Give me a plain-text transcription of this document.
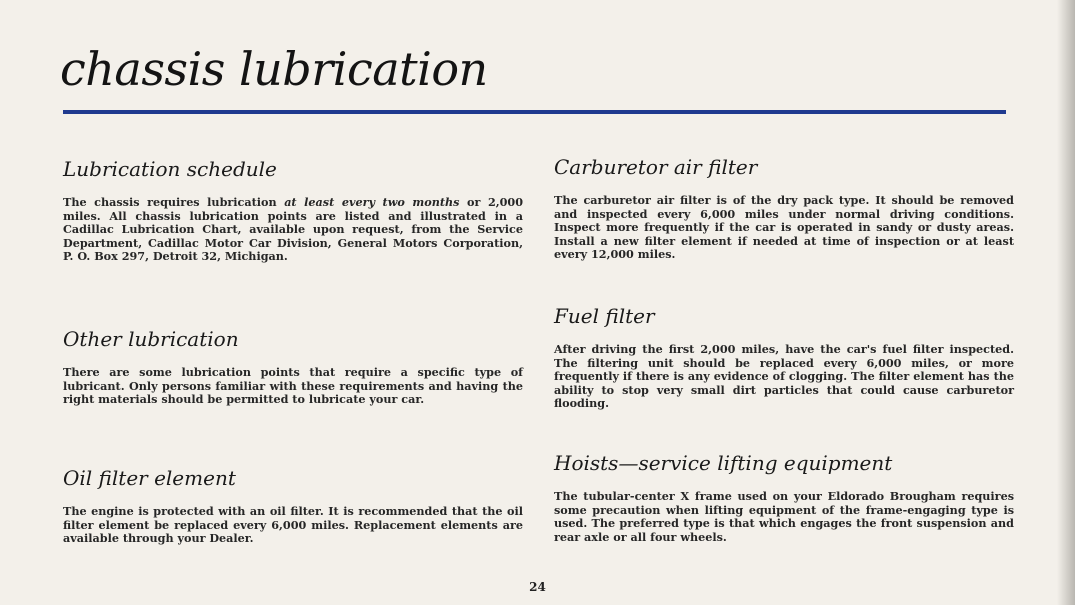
chassis lubrication
Lubrication schedule

The chassis requires lubrication at least every two months or 2,000 miles. All chassis lubrication points are listed and illustrated in a Cadillac Lubrication Chart, available upon request, from the Service Department, Cadillac Motor Car Division, General Motors Corporation, P. O. Box 297, Detroit 32, Michigan.

Other lubrication

There are some lubrication points that require a specific type of lubricant. Only persons familiar with these requirements and having the right materials should be permitted to lubricate your car.

Oil filter element

The engine is protected with an oil filter. It is recommended that the oil filter element be replaced every 6,000 miles. Replacement elements are available through your Dealer.

Carburetor air filter

The carburetor air filter is of the dry pack type. It should be removed and inspected every 6,000 miles under normal driving conditions. Inspect more frequently if the car is operated in sandy or dusty areas. Install a new filter element if needed at time of inspection or at least every 12,000 miles.

Fuel filter

After driving the first 2,000 miles, have the car's fuel filter inspected. The filtering unit should be replaced every 6,000 miles, or more frequently if there is any evidence of clogging. The filter element has the ability to stop very small dirt particles that could cause carburetor flooding.

Hoists—service lifting equipment

The tubular-center X frame used on your Eldorado Brougham requires some precaution when lifting equipment of the frame-engaging type is used. The preferred type is that which engages the front suspension and rear axle or all four wheels.

24
